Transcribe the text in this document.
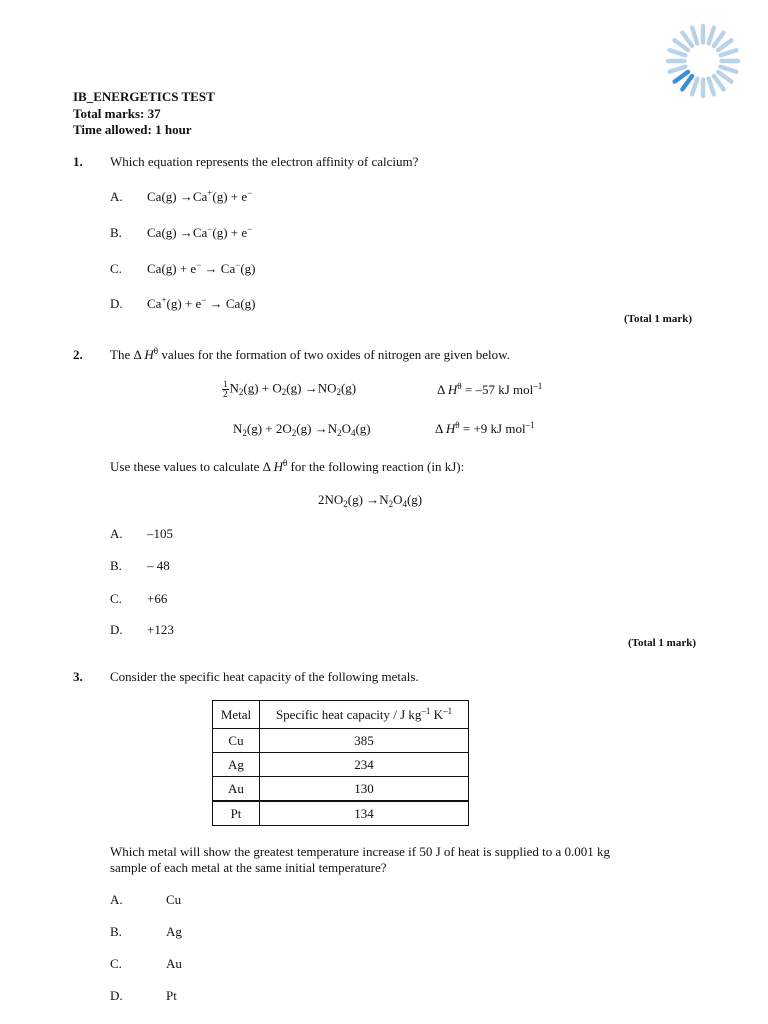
IB_ENERGETICS TEST
Total marks: 37
Time allowed: 1 hour
1. Which equation represents the electron affinity of calcium?
A. Ca(g) →Ca+(g) + e−
B. Ca(g) →Ca−(g) + e−
C. Ca(g) + e− → Ca−(g)
D. Ca+(g) + e− → Ca(g)
(Total 1 mark)
2. The Δ $H^\theta$ values for the formation of two oxides of nitrogen are given below.
$\frac{1}{2} N_2(g) + O_2(g) \to NO_2(g)$	Δ $H^\theta = -57$ kJ mol$^{-1}$
$N_2(g) + 2O_2(g) \to N_2O_4(g)$	Δ $H^\theta = +9$ kJ mol$^{-1}$
Use these values to calculate Δ $H^\theta$ for the following reaction (in kJ):
$2NO_2(g) \to N_2O_4(g)$
A. –105
B. – 48
C. +66
D. +123
(Total 1 mark)
3. Consider the specific heat capacity of the following metals.
Metal	Specific heat capacity / J $kg^{-1}$ $K^{-1}$
Cu	385
Ag	234
Au	130
Pt	134
Which metal will show the greatest temperature increase if 50 J of heat is supplied to a 0.001 kg
sample of each metal at the same initial temperature?
A.	Cu
B.	Ag
C.	Au
D.	Pt
